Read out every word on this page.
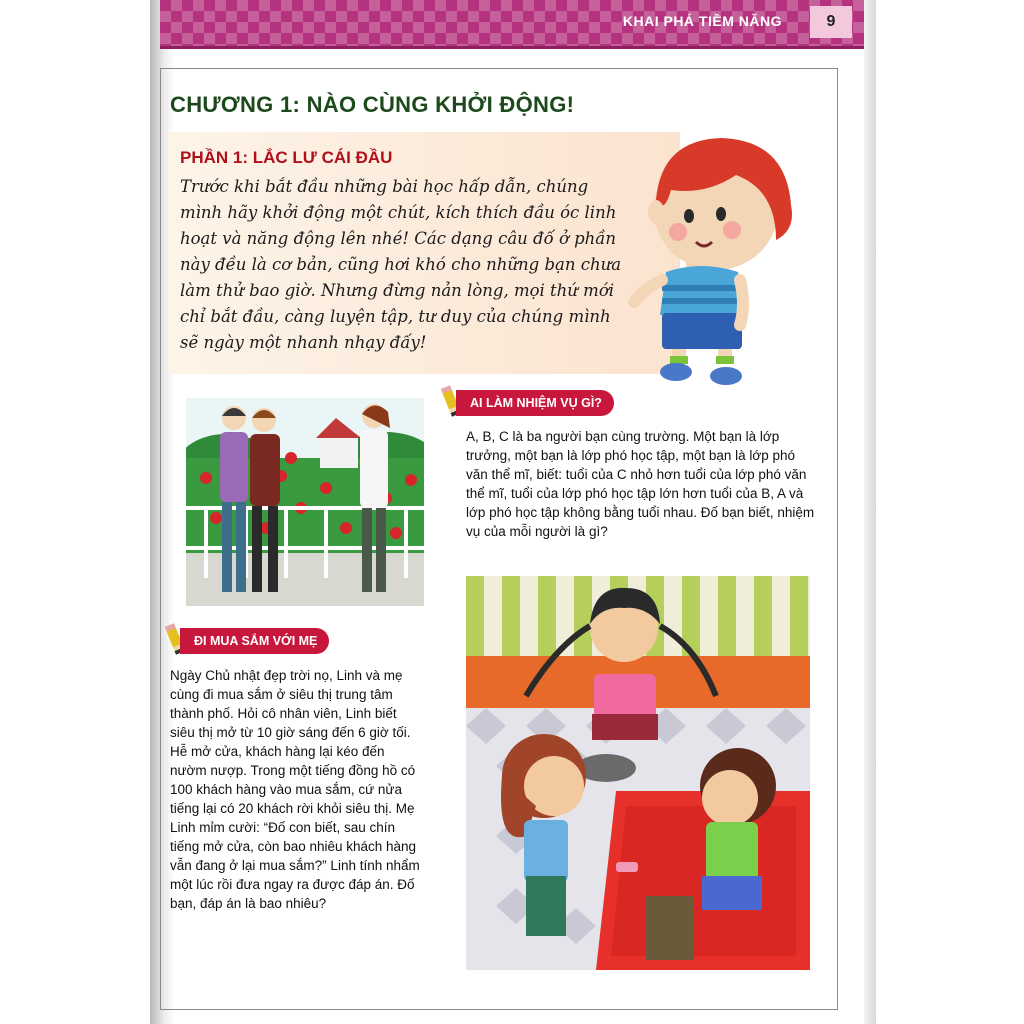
KHAI PHÁ TIỀM NĂNG	9
CHƯƠNG 1: NÀO CÙNG KHỞI ĐỘNG!
PHẦN 1: LẮC LƯ CÁI ĐẦU
Trước khi bắt đầu những bài học hấp dẫn, chúng mình hãy khởi động một chút, kích thích đầu óc linh hoạt và năng động lên nhé! Các dạng câu đố ở phần này đều là cơ bản, cũng hơi khó cho những bạn chưa làm thử bao giờ. Nhưng đừng nản lòng, mọi thứ mới chỉ bắt đầu, càng luyện tập, tư duy của chúng mình sẽ ngày một nhanh nhạy đấy!
AI LÀM NHIỆM VỤ GÌ?
A, B, C là ba người bạn cùng trường. Một bạn là lớp trưởng, một bạn là lớp phó học tập, một bạn là lớp phó văn thể mĩ, biết: tuổi của C nhỏ hơn tuổi của lớp phó văn thể mĩ, tuổi của lớp phó học tập lớn hơn tuổi của B, A và lớp phó học tập không bằng tuổi nhau. Đố bạn biết, nhiệm vụ của mỗi người là gì?
ĐI MUA SẮM VỚI MẸ
Ngày Chủ nhật đẹp trời nọ, Linh và mẹ cùng đi mua sắm ở siêu thị trung tâm thành phố. Hỏi cô nhân viên, Linh biết siêu thị mở từ 10 giờ sáng đến 6 giờ tối. Hễ mở cửa, khách hàng lại kéo đến nườm nượp. Trong một tiếng đồng hồ có 100 khách hàng vào mua sắm, cứ nửa tiếng lại có 20 khách rời khỏi siêu thị. Mẹ Linh mỉm cười: “Đố con biết, sau chín tiếng mở cửa, còn bao nhiêu khách hàng vẫn đang ở lại mua sắm?” Linh tính nhẩm một lúc rồi đưa ngay ra được đáp án. Đố bạn, đáp án là bao nhiêu?
